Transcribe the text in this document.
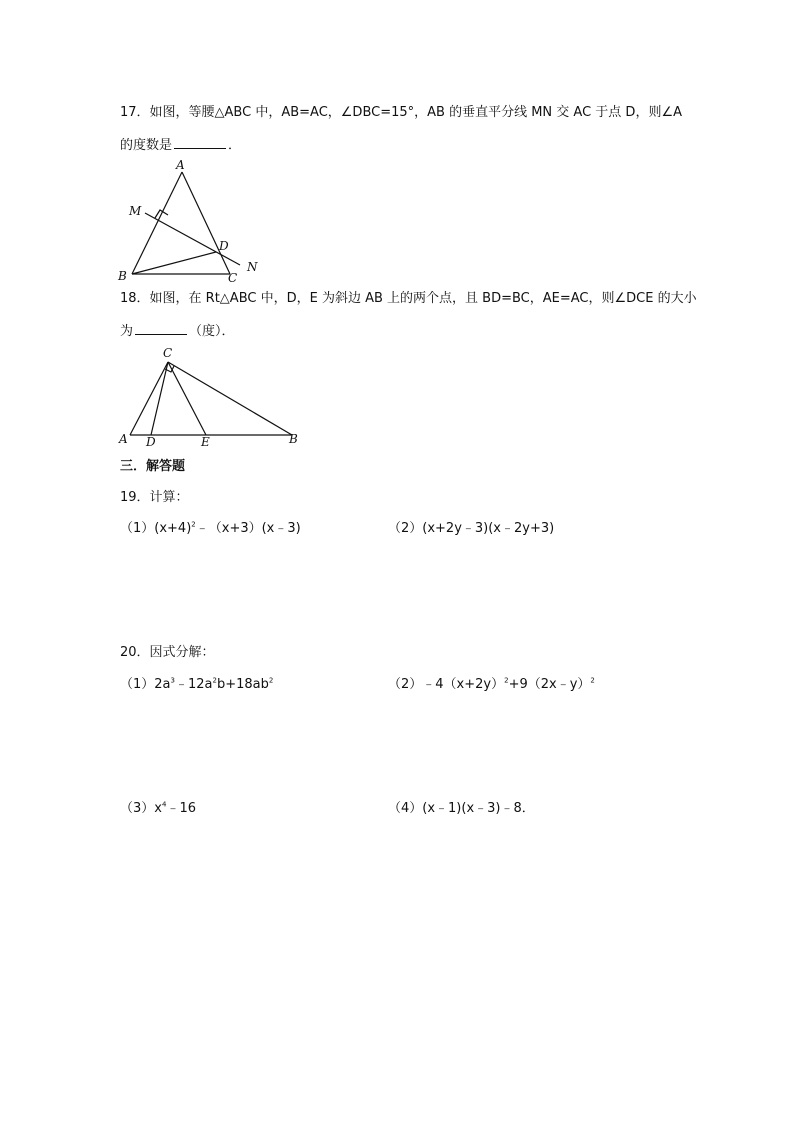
17．如图，等腰△ABC 中，AB=AC，∠DBC=15°，AB 的垂直平分线 MN 交 AC 于点 D，则∠A
的度数是	．
A
M
D
N
B	C
18．如图，在 Rt△ABC 中，D，E 为斜边 AB 上的两个点，且 BD=BC，AE=AC，则∠DCE 的大小
为	（度）．
C
A D	E	B
三．解答题
19．计算：
$(1)(x+4)^2﹣(x+3)(x﹣3)$	（2）(x+2y﹣3)(x﹣2y+3)
20．因式分解：
$(1)2a^3﹣12a^2b+18ab^2$	$(2)﹣4(x+2y)^2+9(2x﹣y)^2$
$(3)x^4﹣16$	（4）(x﹣1)(x﹣3)﹣8．
